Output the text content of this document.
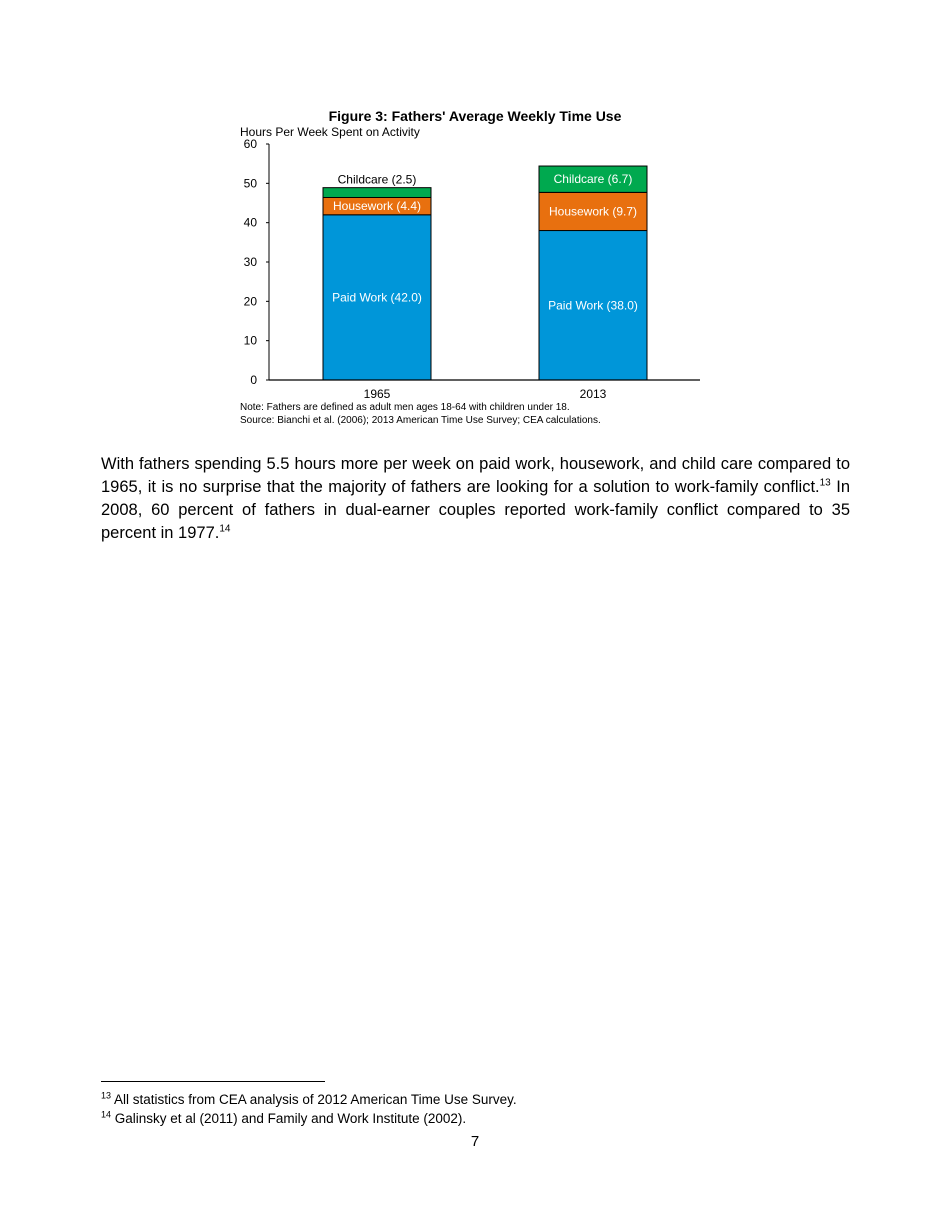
Figure 3: Fathers' Average Weekly Time Use
Hours Per Week Spent on Activity
0
10
20
30
40
50
60
Paid Work (42.0)
Housework (4.4)
Childcare (2.5)
1965
Paid Work (38.0)
Housework (9.7)
Childcare (6.7)
2013
Note: Fathers are defined as adult men ages 18-64 with children under 18.
Source: Bianchi et al. (2006); 2013 American Time Use Survey; CEA calculations.
With fathers spending 5.5 hours more per week on paid work, housework, and child care compared to 1965, it is no surprise that the majority of fathers are looking for a solution to work-family conflict.$^{13}$ In 2008, 60 percent of fathers in dual-earner couples reported work-family conflict compared to 35 percent in 1977.14
$^{13}$ All statistics from CEA analysis of 2012 American Time Use Survey.
$^{14}$ Galinsky et al (2011) and Family and Work Institute (2002).
7
